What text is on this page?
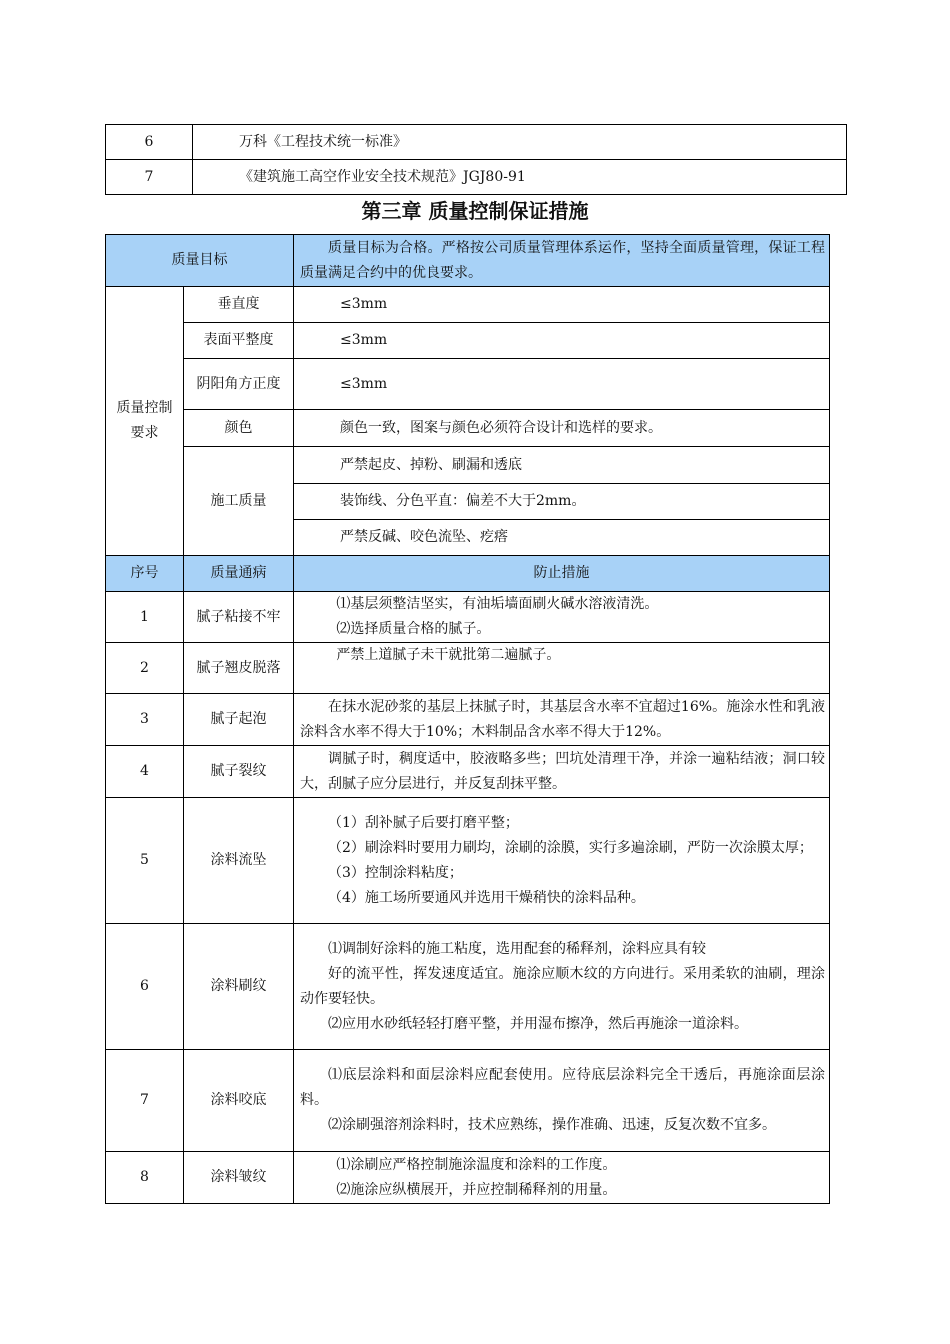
6	万科《工程技术统一标准》
7	《建筑施工高空作业安全技术规范》JGJ80-91
第三章 质量控制保证措施
质量目标		质量目标为合格。严格按公司质量管理体系运作，坚持全面质量管理，保证工程质量满足合约中的优良要求。

质量控制要求	垂直度	≤3mm
	表面平整度	≤3mm

	阴阳角方正度	≤3mm
	颜色	颜色一致，图案与颜色必须符合设计和选样的要求。
	施工质量	严禁起皮、掉粉、刷漏和透底
		装饰线、分色平直：偏差不大于2mm。
		严禁反碱、咬色流坠、疙瘩
序号	质量通病	防止措施
1	腻子粘接不牢	⑴基层须整洁坚实，有油垢墙面刷火碱水溶液清洗。
⑵选择质量合格的腻子。

2	腻子翘皮脱落	严禁上道腻子未干就批第二遍腻子。

3	腻子起泡	在抹水泥砂浆的基层上抹腻子时，其基层含水率不宜超过16%。施涂水性和乳液涂料含水率不得大于10%；木料制品含水率不得大于12%。

4	腻子裂纹	调腻子时，稠度适中，胶液略多些；凹坑处清理干净，并涂一遍粘结液；洞口较大，刮腻子应分层进行，并反复刮抹平整。

5	涂料流坠	（1）刮补腻子后要打磨平整；
（2）刷涂料时要用力刷均，涂刷的涂膜，实行多遍涂刷，严防一次涂膜太厚；
（3）控制涂料粘度；
（4）施工场所要通风并选用干燥稍快的涂料品种。

6	涂料刷纹	⑴调制好涂料的施工粘度，选用配套的稀释剂，涂料应具有较
好的流平性，挥发速度适宜。施涂应顺木纹的方向进行。采用柔软的油刷，理涂动作要轻快。
⑵应用水砂纸轻轻打磨平整，并用湿布擦净，然后再施涂一道涂料。

7	涂料咬底	⑴底层涂料和面层涂料应配套使用。应待底层涂料完全干透后，再施涂面层涂料。
⑵涂刷强溶剂涂料时，技术应熟练，操作准确、迅速，反复次数不宜多。

8	涂料皱纹	⑴涂刷应严格控制施涂温度和涂料的工作度。
⑵施涂应纵横展开，并应控制稀释剂的用量。
